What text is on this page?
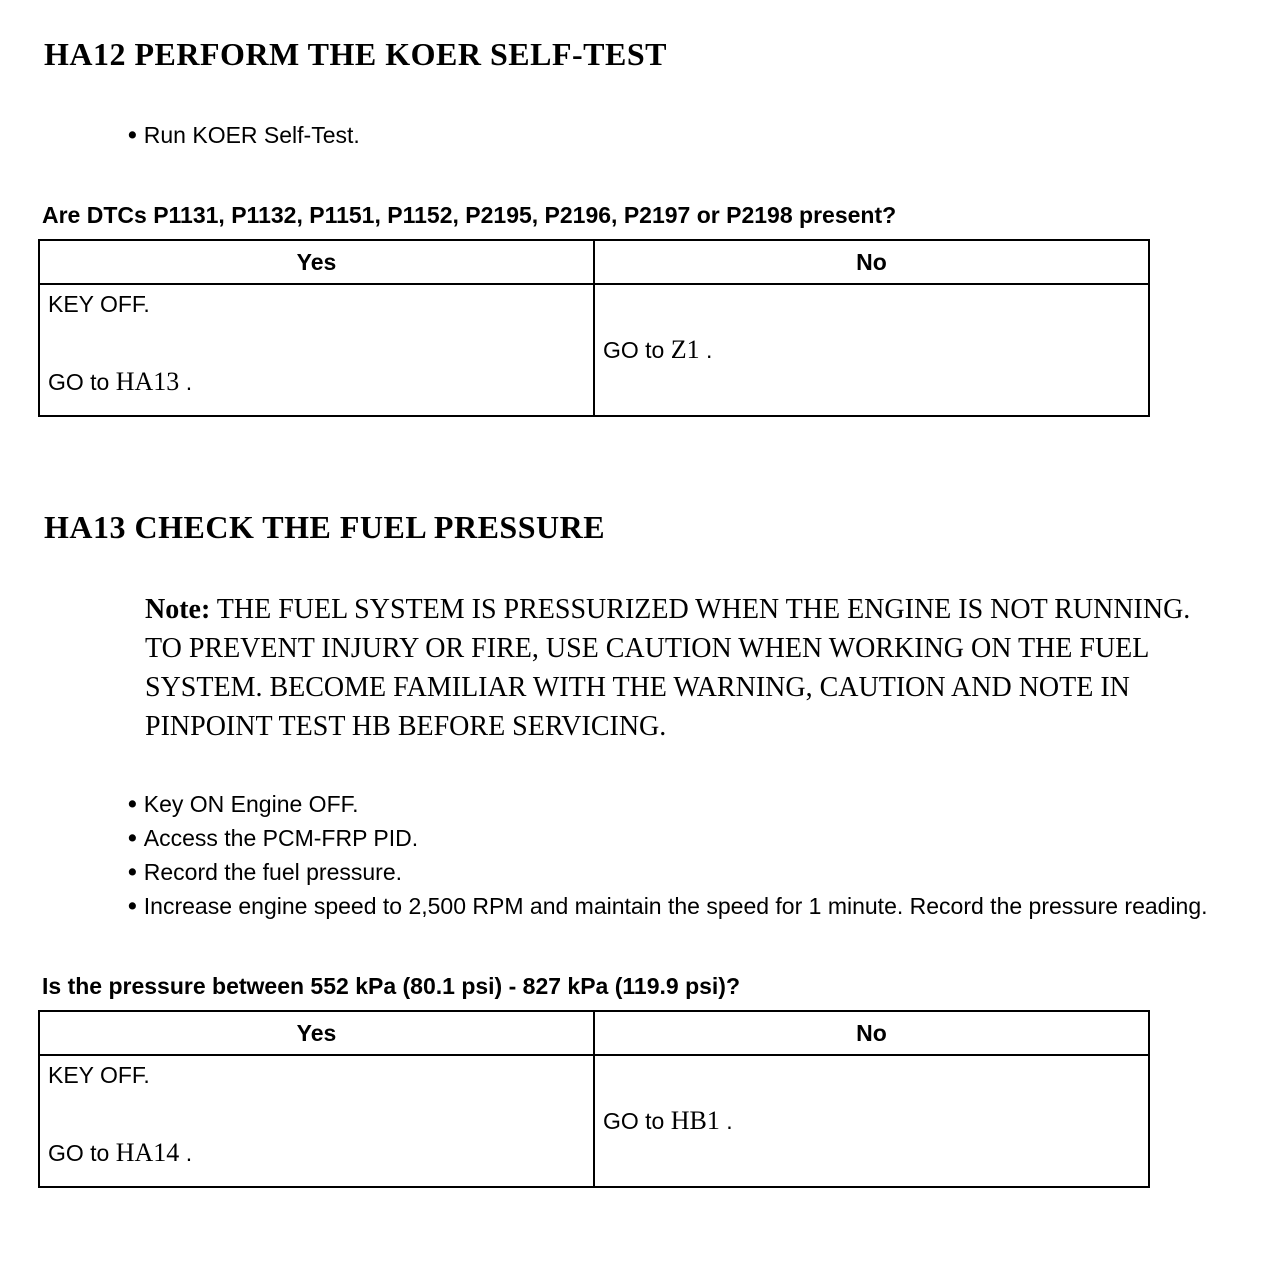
HA12 PERFORM THE KOER SELF-TEST
• Run KOER Self-Test.

Are DTCs P1131, P1132, P1151, P1152, P2195, P2196, P2197 or P2198 present?

Yes	No

KEY OFF.
GO to HA13 .	GO to Z1 .
HA13 CHECK THE FUEL PRESSURE

Note: THE FUEL SYSTEM IS PRESSURIZED WHEN THE ENGINE IS NOT RUNNING. TO PREVENT INJURY OR FIRE, USE CAUTION WHEN WORKING ON THE FUEL SYSTEM. BECOME FAMILIAR WITH THE WARNING, CAUTION AND NOTE IN PINPOINT TEST HB BEFORE SERVICING.

• Key ON Engine OFF.
• Access the PCM-FRP PID.
• Record the fuel pressure.
• Increase engine speed to 2,500 RPM and maintain the speed for 1 minute. Record the pressure reading.

Is the pressure between 552 kPa (80.1 psi) - 827 kPa (119.9 psi)?

Yes	No

KEY OFF.
GO to HA14 .	GO to HB1 .
